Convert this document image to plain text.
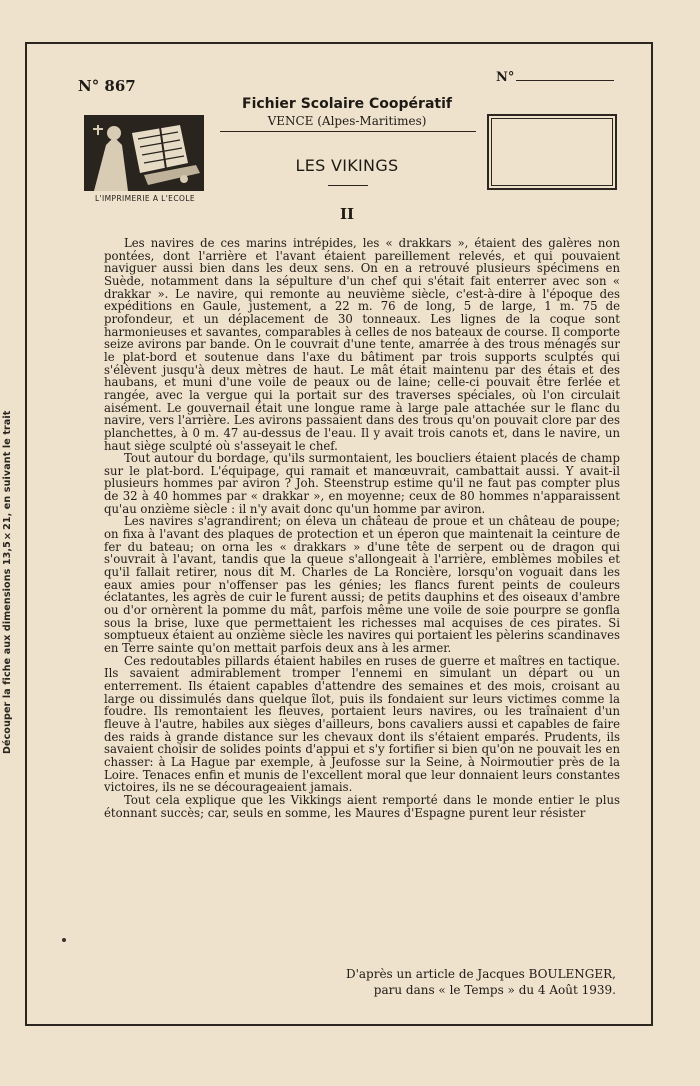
Découper la fiche aux dimensions 13,5×21, en suivant le trait
N° 867	N°
L'IMPRIMERIE A L'ECOLE
Fichier Scolaire Coopératif
VENCE (Alpes-Maritimes)
LES VIKINGS
II

Les navires de ces marins intrépides, les « drakkars », étaient des galères non pontées, dont l'arrière et l'avant étaient pareillement relevés, et qui pouvaient naviguer aussi bien dans les deux sens. On en a retrouvé plusieurs spécimens en Suède, notamment dans la sépulture d'un chef qui s'était fait enterrer avec son « drakkar ». Le navire, qui remonte au neuvième siècle, c'est-à-dire à l'époque des expéditions en Gaule, justement, a 22 m. 76 de long, 5 de large, 1 m. 75 de profondeur, et un déplacement de 30 tonneaux. Les lignes de la coque sont harmonieuses et savantes, comparables à celles de nos bateaux de course. Il comporte seize avirons par bande. On le couvrait d'une tente, amarrée à des trous ménagés sur le plat-bord et soutenue dans l'axe du bâtiment par trois supports sculptés qui s'élèvent jusqu'à deux mètres de haut. Le mât était maintenu par des étais et des haubans, et muni d'une voile de peaux ou de laine; celle-ci pouvait être ferlée et rangée, avec la vergue qui la portait sur des traverses spéciales, où l'on circulait aisément. Le gouvernail était une longue rame à large pale attachée sur le flanc du navire, vers l'arrière. Les avirons passaient dans des trous qu'on pouvait clore par des planchettes, à 0 m. 47 au-dessus de l'eau. Il y avait trois canots et, dans le navire, un haut siège sculpté où s'asseyait le chef.

Tout autour du bordage, qu'ils surmontaient, les boucliers étaient placés de champ sur le plat-bord. L'équipage, qui ramait et manœuvrait, cambattait aussi. Y avait-il plusieurs hommes par aviron ? Joh. Steenstrup estime qu'il ne faut pas compter plus de 32 à 40 hommes par « drakkar », en moyenne; ceux de 80 hommes n'apparaissent qu'au onzième siècle : il n'y avait donc qu'un homme par aviron.

Les navires s'agrandirent; on éleva un château de proue et un château de poupe; on fixa à l'avant des plaques de protection et un éperon que maintenait la ceinture de fer du bateau; on orna les « drakkars » d'une tête de serpent ou de dragon qui s'ouvrait à l'avant, tandis que la queue s'allongeait à l'arrière, emblèmes mobiles et qu'il fallait retirer, nous dit M. Charles de La Roncière, lorsqu'on voguait dans les eaux amies pour n'offenser pas les génies; les flancs furent peints de couleurs éclatantes, les agrès de cuir le furent aussi; de petits dauphins et des oiseaux d'ambre ou d'or ornèrent la pomme du mât, parfois même une voile de soie pourpre se gonfla sous la brise, luxe que permettaient les richesses mal acquises de ces pirates. Si somptueux étaient au onzième siècle les navires qui portaient les pèlerins scandinaves en Terre sainte qu'on mettait parfois deux ans à les armer.

Ces redoutables pillards étaient habiles en ruses de guerre et maîtres en tactique. Ils savaient admirablement tromper l'ennemi en simulant un départ ou un enterrement. Ils étaient capables d'attendre des semaines et des mois, croisant au large ou dissimulés dans quelque îlot, puis ils fondaient sur leurs victimes comme la foudre. Ils remontaient les fleuves, portaient leurs navires, ou les traînaient d'un fleuve à l'autre, habiles aux sièges d'ailleurs, bons cavaliers aussi et capables de faire des raids à grande distance sur les chevaux dont ils s'étaient emparés. Prudents, ils savaient choisir de solides points d'appui et s'y fortifier si bien qu'on ne pouvait les en chasser: à La Hague par exemple, à Jeufosse sur la Seine, à Noirmoutier près de la Loire. Tenaces enfin et munis de l'excellent moral que leur donnaient leurs constantes victoires, ils ne se décourageaient jamais.

Tout cela explique que les Vikkings aient remporté dans le monde entier le plus étonnant succès; car, seuls en somme, les Maures d'Espagne purent leur résister

D'après un article de Jacques BOULENGER,
paru dans « le Temps » du 4 Août 1939.
